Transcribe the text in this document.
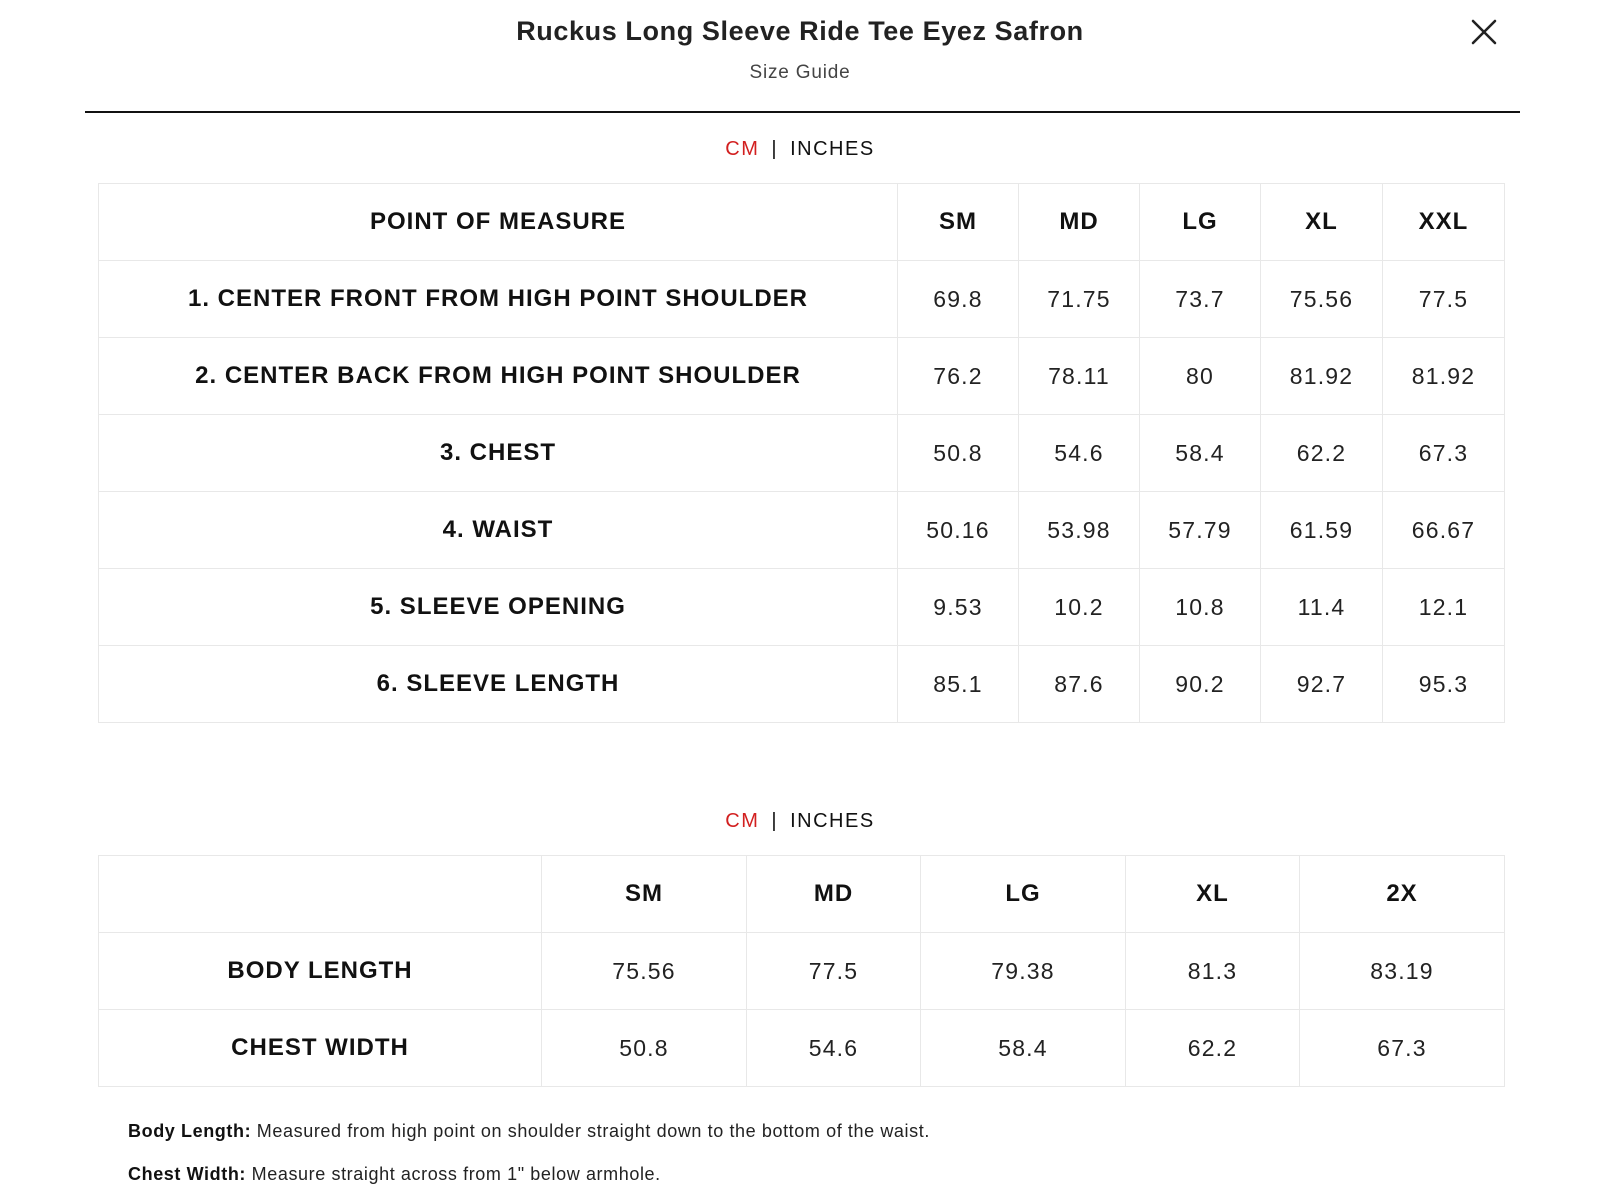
Ruckus Long Sleeve Ride Tee Eyez Safron
Size Guide
CM | INCHES
POINT OF MEASURE	SM	MD	LG	XL	XXL
1. CENTER FRONT FROM HIGH POINT SHOULDER	69.8	71.75	73.7	75.56	77.5
2. CENTER BACK FROM HIGH POINT SHOULDER	76.2	78.11	80	81.92	81.92
3. CHEST	50.8	54.6	58.4	62.2	67.3
4. WAIST	50.16	53.98	57.79	61.59	66.67
5. SLEEVE OPENING	9.53	10.2	10.8	11.4	12.1
6. SLEEVE LENGTH	85.1	87.6	90.2	92.7	95.3
CM | INCHES
	SM	MD	LG	XL	2X
BODY LENGTH	75.56	77.5	79.38	81.3	83.19
CHEST WIDTH	50.8	54.6	58.4	62.2	67.3
Body Length: Measured from high point on shoulder straight down to the bottom of the waist.
Chest Width: Measure straight across from 1" below armhole.
